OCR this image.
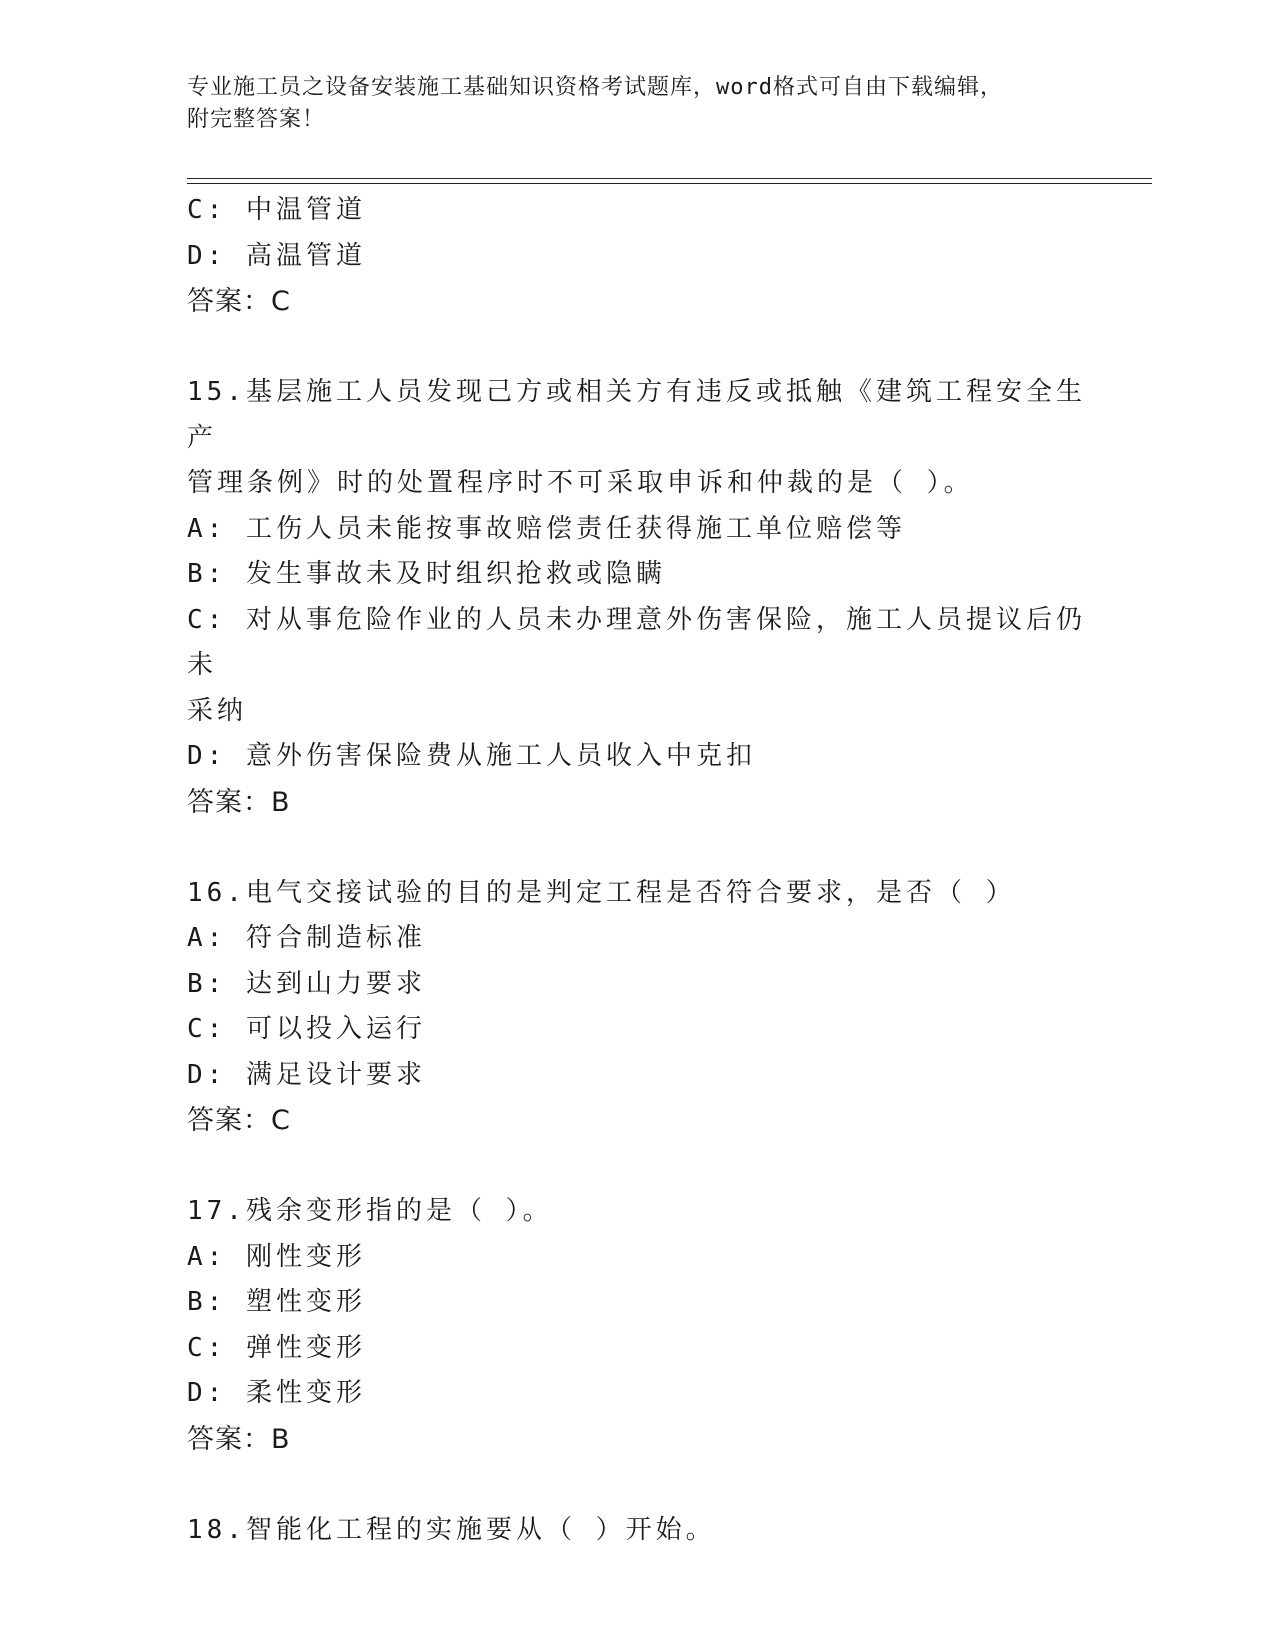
专业施工员之设备安装施工基础知识资格考试题库，word格式可自由下载编辑，
附完整答案！
C: 中温管道
D: 高温管道
答案：C
15.基层施工人员发现己方或相关方有违反或抵触《建筑工程安全生产
管理条例》时的处置程序时不可采取申诉和仲裁的是（ ）。
A: 工伤人员未能按事故赔偿责任获得施工单位赔偿等
B: 发生事故未及时组织抢救或隐瞒
C: 对从事危险作业的人员未办理意外伤害保险，施工人员提议后仍未
采纳
D: 意外伤害保险费从施工人员收入中克扣
答案：B
16.电气交接试验的目的是判定工程是否符合要求，是否（ ）
A: 符合制造标准
B: 达到山力要求
C: 可以投入运行
D: 满足设计要求
答案：C
17.残余变形指的是（ ）。
A: 刚性变形
B: 塑性变形
C: 弹性变形
D: 柔性变形
答案：B
18.智能化工程的实施要从（ ）开始。
